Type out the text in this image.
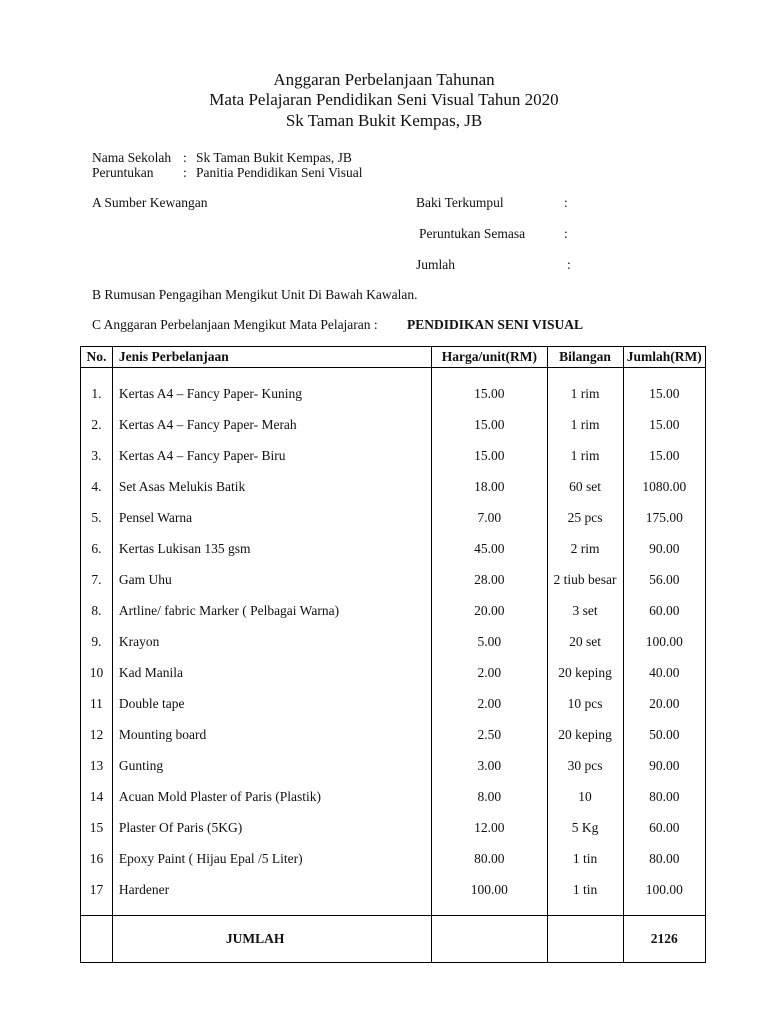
Anggaran Perbelanjaan Tahunan
Mata Pelajaran Pendidikan Seni Visual Tahun 2020
Sk Taman Bukit Kempas, JB
Nama Sekolah : Sk Taman Bukit Kempas, JB
Peruntukan : Panitia Pendidikan Seni Visual
A Sumber Kewangan	Baki Terkumpul	:
Peruntukan Semasa	:
Jumlah	:
B Rumusan Pengagihan Mengikut Unit Di Bawah Kawalan.
C Anggaran Perbelanjaan Mengikut Mata Pelajaran : PENDIDIKAN SENI VISUAL
No.	Jenis Perbelanjaan	Harga/unit(RM)	Bilangan	Jumlah(RM)

1.	Kertas A4 – Fancy Paper- Kuning	15.00	1 rim	15.00
2.	Kertas A4 – Fancy Paper- Merah	15.00	1 rim	15.00
3.	Kertas A4 – Fancy Paper- Biru	15.00	1 rim	15.00
4.	Set Asas Melukis Batik	18.00	60 set	1080.00
5.	Pensel Warna	7.00	25 pcs	175.00
6.	Kertas Lukisan 135 gsm	45.00	2 rim	90.00
7.	Gam Uhu	28.00	2 tiub besar	56.00
8.	Artline/ fabric Marker ( Pelbagai Warna)	20.00	3 set	60.00
9.	Krayon	5.00	20 set	100.00
10	Kad Manila	2.00	20 keping	40.00
11	Double tape	2.00	10 pcs	20.00
12	Mounting board	2.50	20 keping	50.00
13	Gunting	3.00	30 pcs	90.00
14	Acuan Mold Plaster of Paris (Plastik)	8.00	10	80.00
15	Plaster Of Paris (5KG)	12.00	5 Kg	60.00
16	Epoxy Paint ( Hijau Epal /5 Liter)	80.00	1 tin	80.00
17	Hardener	100.00	1 tin	100.00

	JUMLAH			2126
